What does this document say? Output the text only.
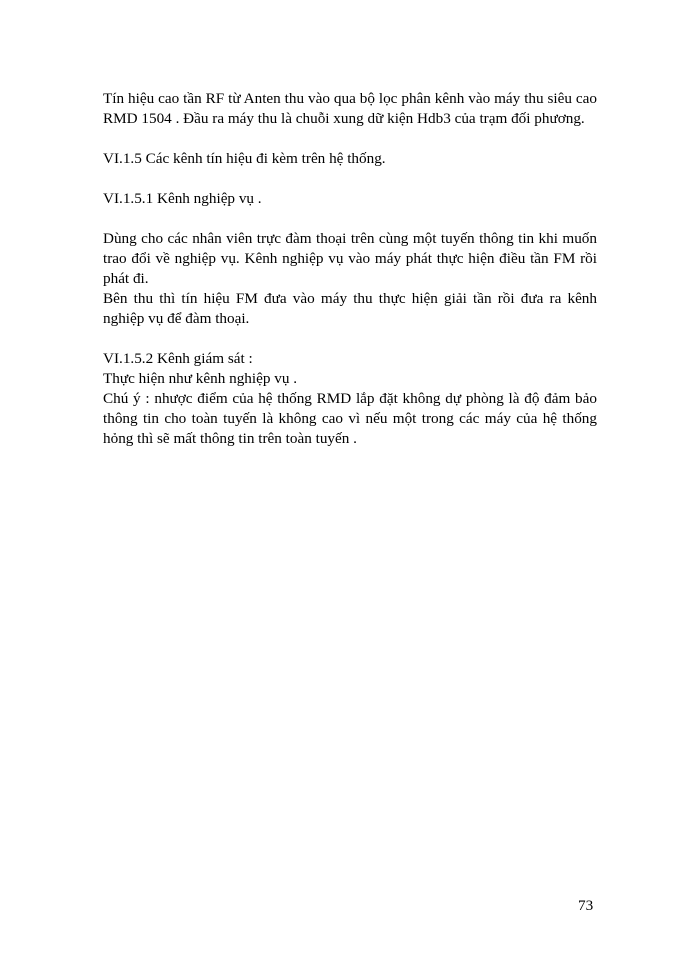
Tín hiệu cao tần RF từ Anten thu vào qua bộ lọc phân kênh vào máy thu siêu cao RMD 1504 . Đầu ra máy thu là chuỗi xung dữ kiện Hdb3 của trạm đối phương.

VI.1.5 Các kênh tín hiệu đi kèm trên hệ thống.

VI.1.5.1 Kênh nghiệp vụ .

Dùng cho các nhân viên trực đàm thoại trên cùng một tuyến thông tin khi muốn trao đổi về nghiệp vụ. Kênh nghiệp vụ vào máy phát thực hiện điều tần FM rồi phát đi.

Bên thu thì tín hiệu FM đưa vào máy thu thực hiện giải tần rồi đưa ra kênh nghiệp vụ để đàm thoại.

VI.1.5.2 Kênh giám sát :

Thực hiện như kênh nghiệp vụ .

Chú ý : nhược điểm của hệ thống RMD lắp đặt không dự phòng là độ đảm bảo thông tin cho toàn tuyến là không cao vì nếu một trong các máy của hệ thống hỏng thì sẽ mất thông tin trên toàn tuyến .

73
